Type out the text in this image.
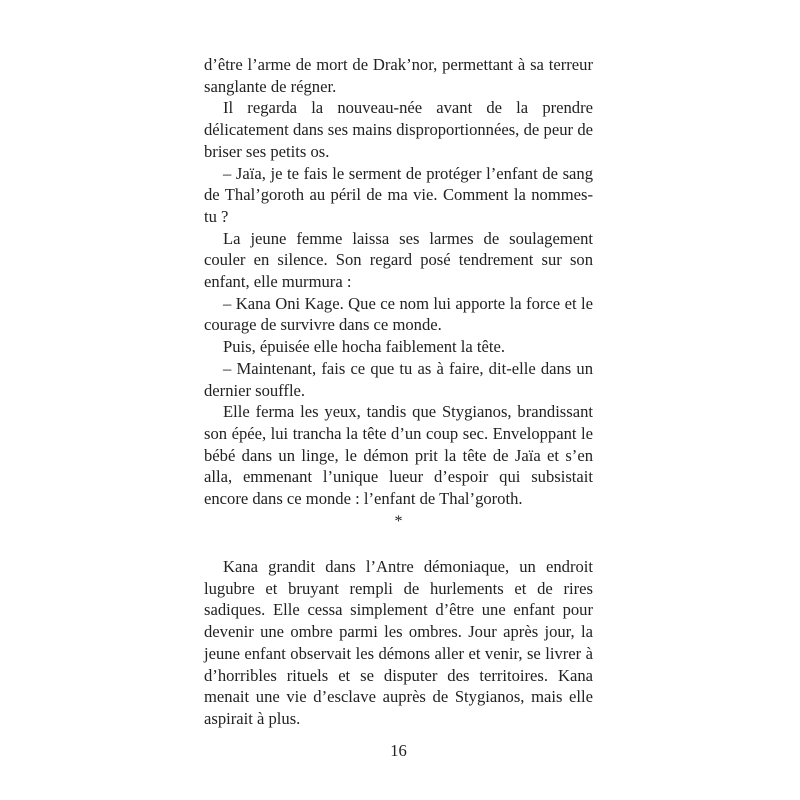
d’être l’arme de mort de Drak’nor, permettant à sa terreur sanglante de régner.

Il regarda la nouveau-née avant de la prendre délicatement dans ses mains disproportionnées, de peur de briser ses petits os.

– Jaïa, je te fais le serment de protéger l’enfant de sang de Thal’goroth au péril de ma vie. Comment la nommes-tu ?

La jeune femme laissa ses larmes de soulagement couler en silence. Son regard posé tendrement sur son enfant, elle murmura :

– Kana Oni Kage. Que ce nom lui apporte la force et le courage de survivre dans ce monde.

Puis, épuisée elle hocha faiblement la tête.

– Maintenant, fais ce que tu as à faire, dit-elle dans un dernier souffle.

Elle ferma les yeux, tandis que Stygianos, brandissant son épée, lui trancha la tête d’un coup sec. Enveloppant le bébé dans un linge, le démon prit la tête de Jaïa et s’en alla, emmenant l’unique lueur d’espoir qui subsistait encore dans ce monde : l’enfant de Thal’goroth.

*

Kana grandit dans l’Antre démoniaque, un endroit lugubre et bruyant rempli de hurlements et de rires sadiques. Elle cessa simplement d’être une enfant pour devenir une ombre parmi les ombres. Jour après jour, la jeune enfant observait les démons aller et venir, se livrer à d’horribles rituels et se disputer des territoires. Kana menait une vie d’esclave auprès de Stygianos, mais elle aspirait à plus.

16
